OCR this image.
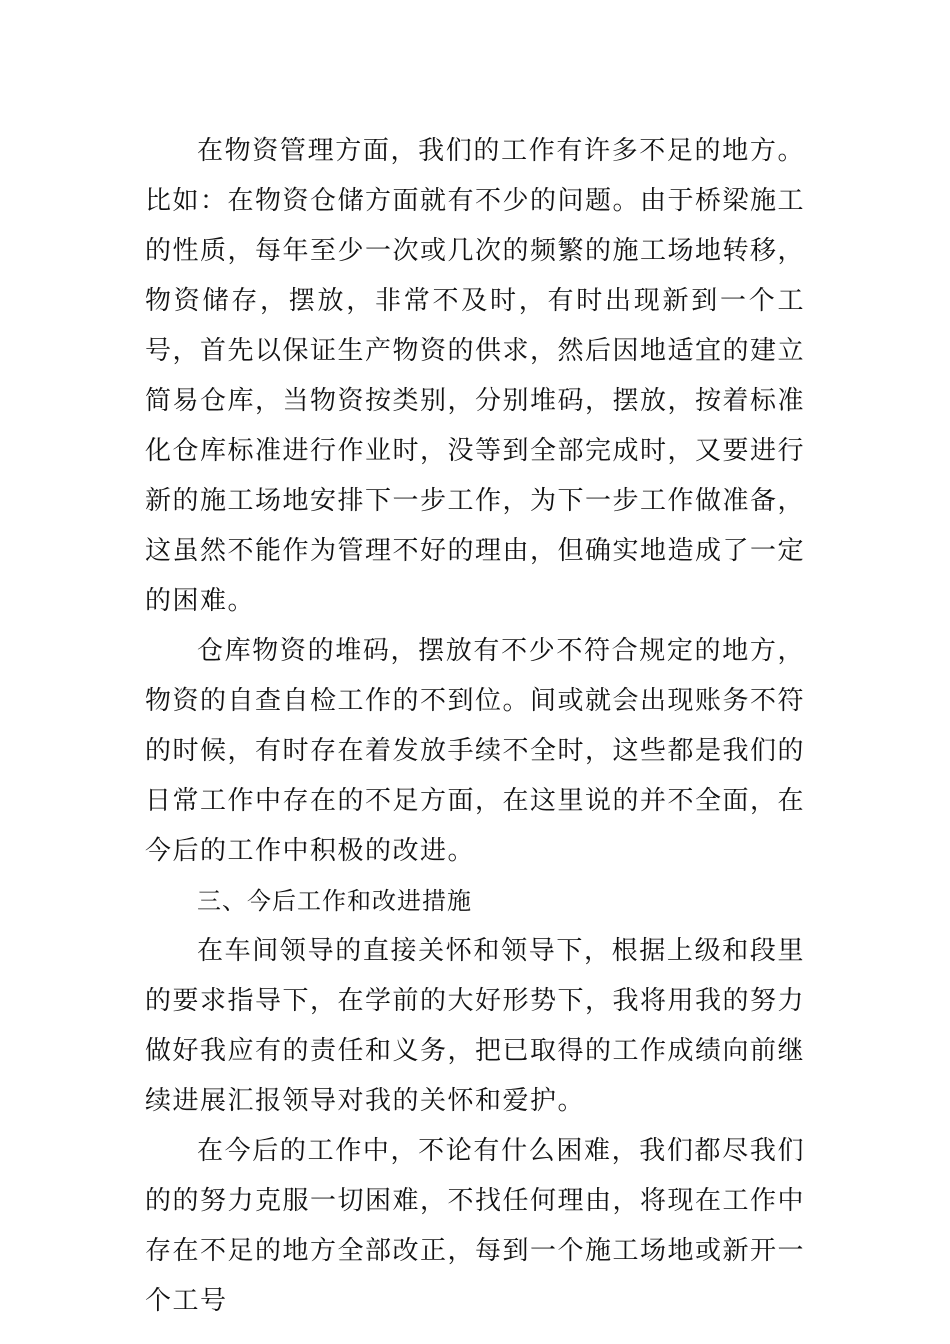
在物资管理方面，我们的工作有许多不足的地方。比如：在物资仓储方面就有不少的问题。由于桥梁施工的性质，每年至少一次或几次的频繁的施工场地转移，物资储存，摆放，非常不及时，有时出现新到一个工号，首先以保证生产物资的供求，然后因地适宜的建立简易仓库，当物资按类别，分别堆码，摆放，按着标准化仓库标准进行作业时，没等到全部完成时，又要进行新的施工场地安排下一步工作，为下一步工作做准备，这虽然不能作为管理不好的理由，但确实地造成了一定的困难。

仓库物资的堆码，摆放有不少不符合规定的地方，物资的自查自检工作的不到位。间或就会出现账务不符的时候，有时存在着发放手续不全时，这些都是我们的日常工作中存在的不足方面，在这里说的并不全面，在今后的工作中积极的改进。

三、今后工作和改进措施

在车间领导的直接关怀和领导下，根据上级和段里的要求指导下，在学前的大好形势下，我将用我的努力做好我应有的责任和义务，把已取得的工作成绩向前继续进展汇报领导对我的关怀和爱护。

在今后的工作中，不论有什么困难，我们都尽我们的的努力克服一切困难，不找任何理由，将现在工作中存在不足的地方全部改正，每到一个施工场地或新开一个工号
